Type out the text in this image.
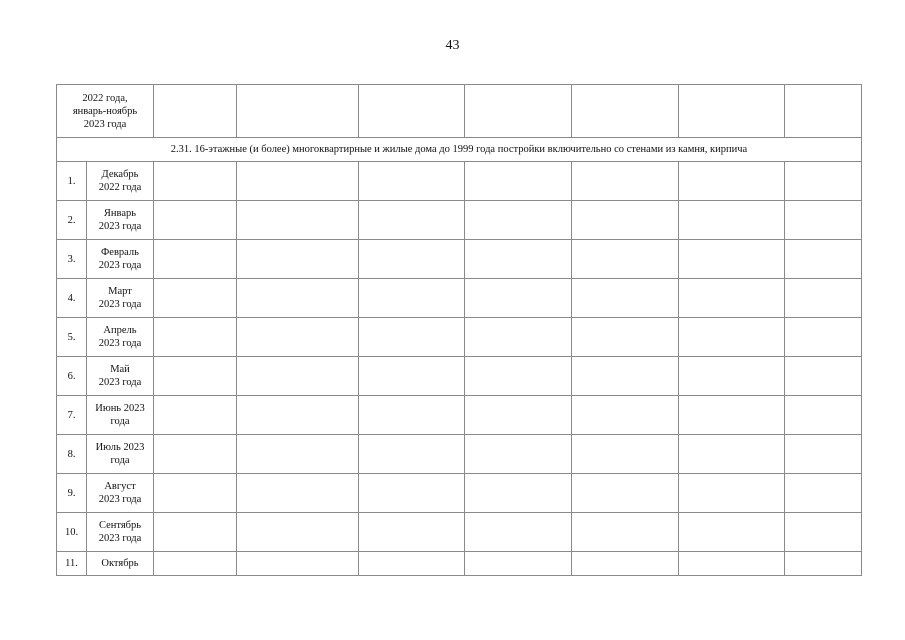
43
2022 года,
январь-ноябрь
2023 года								
2.31. 16-этажные (и более) многоквартирные и жилые дома до 1999 года постройки включительно со стенами из камня, кирпича								
1.	Декабрь
2022 года							
2.	Январь
2023 года							
3.	Февраль
2023 года							
4.	Март
2023 года							
5.	Апрель
2023 года							
6.	Май
2023 года							
7.	Июнь 2023
года							
8.	Июль 2023
года							
9.	Август
2023 года							
10.	Сентябрь
2023 года							
11.	Октябрь							
